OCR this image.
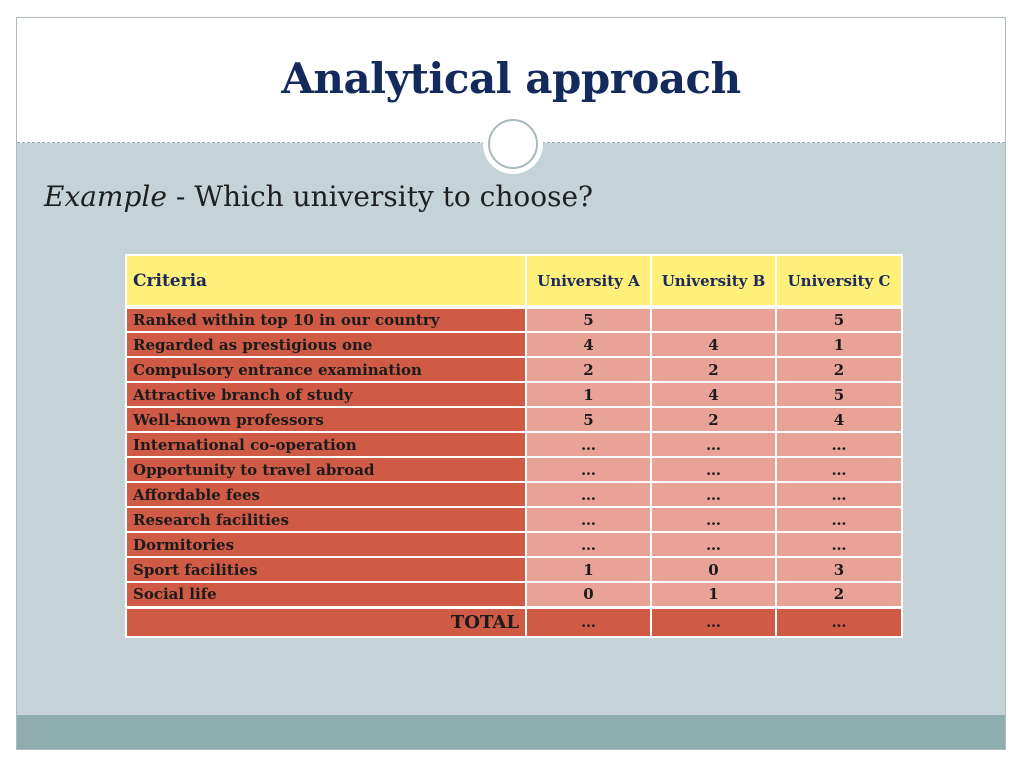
Analytical approach
Example - Which university to choose?
Criteria	University A	University B	University C
Ranked within top 10 in our country	5		5
Regarded as prestigious one	4	4	1
Compulsory entrance examination	2	2	2
Attractive branch of study	1	4	5
Well-known professors	5	2	4
International co-operation	…	…	…
Opportunity to travel abroad	…	…	…
Affordable fees	…	…	…
Research facilities	…	…	…
Dormitories	…	…	…
Sport facilities	1	0	3
Social life	0	1	2
TOTAL	…	…	…
